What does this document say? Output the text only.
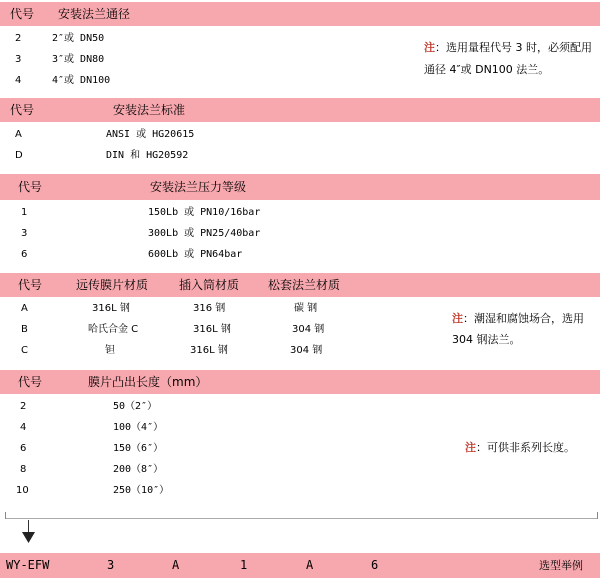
代号 安装法兰通径
2	2″或 DN50
3	3″或 DN80
4	4″或 DN100
注：选用量程代号 3 时，必须配用
通径 4″或 DN100 法兰。
代号	安装法兰标准
A	ANSI 或 HG20615
D	DIN 和 HG20592
代号	安装法兰压力等级
1	150Lb 或 PN10/16bar
3	300Lb 或 PN25/40bar
6	600Lb 或 PN64bar
代号	远传膜片材质	插入筒材质 松套法兰材质
A	316L 钢	316 钢	碳 钢
B	哈氏合金 C	316L 钢	304 钢
C	钽	316L 钢	304 钢
注：潮湿和腐蚀场合，选用
304 钢法兰。
代号	膜片凸出长度（mm）
2	50（2″）
4	100（4″）
6	150（6″）
8	200（8″）
10	250（10″）
注：可供非系列长度。
WY-EFW	3	A	1	A	6	选型举例
